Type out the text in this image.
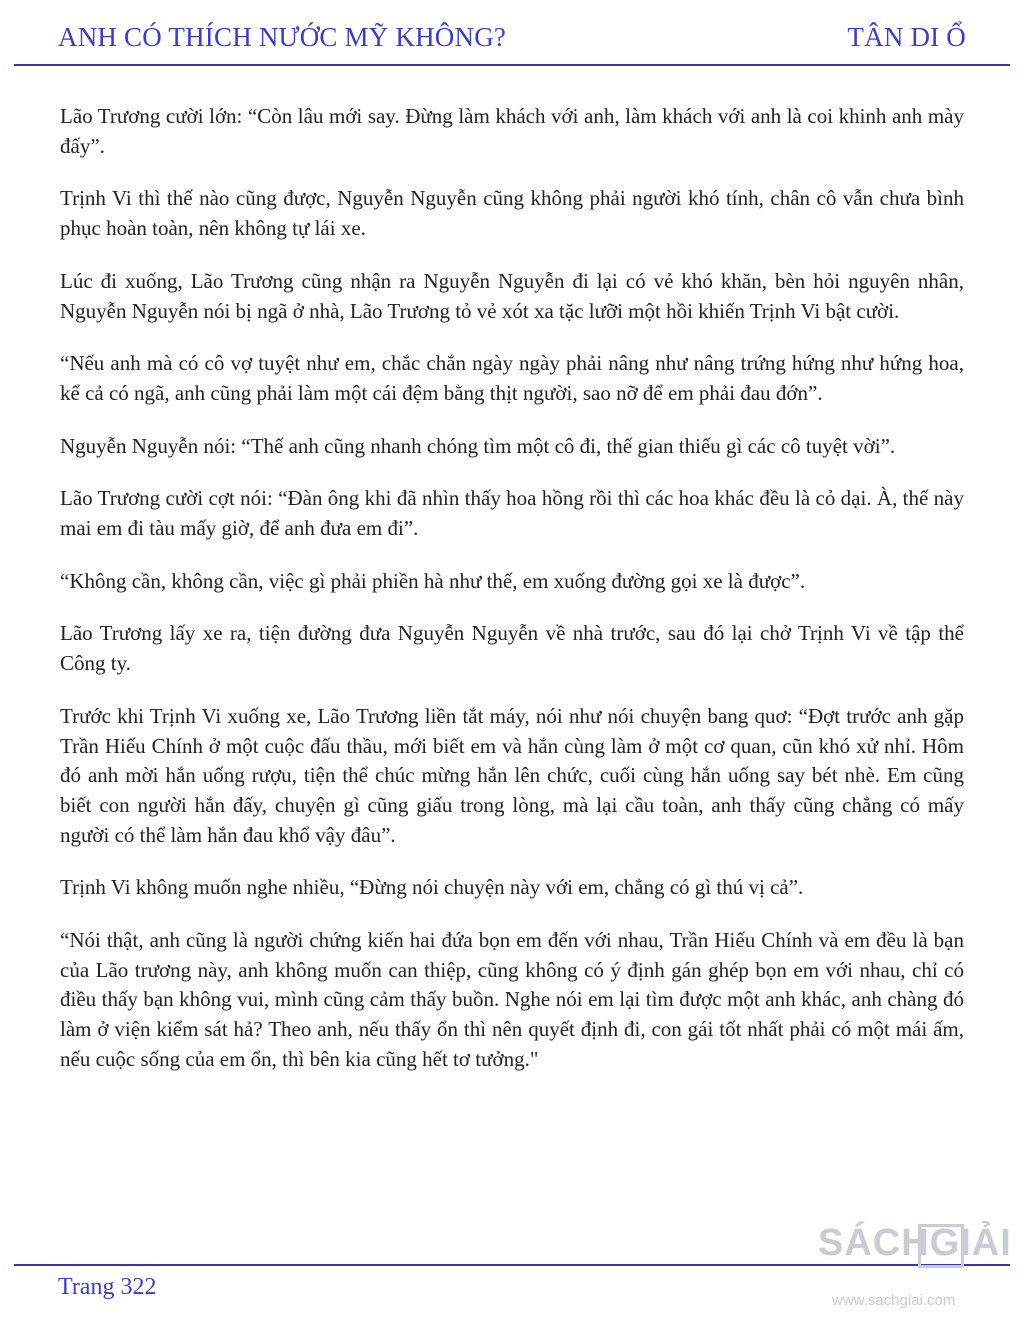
ANH CÓ THÍCH NƯỚC MỸ KHÔNG?	TÂN DI Ổ

Lão Trương cười lớn: “Còn lâu mới say. Đừng làm khách với anh, làm khách với anh là coi khinh anh mày đấy”.

Trịnh Vi thì thế nào cũng được, Nguyễn Nguyễn cũng không phải người khó tính, chân cô vẫn chưa bình phục hoàn toàn, nên không tự lái xe.

Lúc đi xuống, Lão Trương cũng nhận ra Nguyễn Nguyễn đi lại có vẻ khó khăn, bèn hỏi nguyên nhân, Nguyễn Nguyễn nói bị ngã ở nhà, Lão Trương tỏ vẻ xót xa tặc lưỡi một hồi khiến Trịnh Vi bật cười.

“Nếu anh mà có cô vợ tuyệt như em, chắc chắn ngày ngày phải nâng như nâng trứng hứng như hứng hoa, kể cả có ngã, anh cũng phải làm một cái đệm bằng thịt người, sao nỡ để em phải đau đớn”.

Nguyễn Nguyễn nói: “Thế anh cũng nhanh chóng tìm một cô đi, thế gian thiếu gì các cô tuyệt vời”.

Lão Trương cười cợt nói: “Đàn ông khi đã nhìn thấy hoa hồng rồi thì các hoa khác đều là cỏ dại. À, thế này mai em đi tàu mấy giờ, để anh đưa em đi”.

“Không cần, không cần, việc gì phải phiền hà như thế, em xuống đường gọi xe là được”.

Lão Trương lấy xe ra, tiện đường đưa Nguyễn Nguyễn về nhà trước, sau đó lại chở Trịnh Vi về tập thể Công ty.

Trước khi Trịnh Vi xuống xe, Lão Trương liền tắt máy, nói như nói chuyện bang quơ: “Đợt trước anh gặp Trần Hiếu Chính ở một cuộc đấu thầu, mới biết em và hắn cùng làm ở một cơ quan, cũn khó xử nhỉ. Hôm đó anh mời hắn uống rượu, tiện thể chúc mừng hắn lên chức, cuối cùng hắn uống say bét nhè. Em cũng biết con người hắn đấy, chuyện gì cũng giấu trong lòng, mà lại cầu toàn, anh thấy cũng chẳng có mấy người có thể làm hắn đau khổ vậy đâu”.

Trịnh Vi không muốn nghe nhiều, “Đừng nói chuyện này với em, chẳng có gì thú vị cả”.

“Nói thật, anh cũng là người chứng kiến hai đứa bọn em đến với nhau, Trần Hiếu Chính và em đều là bạn của Lão trương này, anh không muốn can thiệp, cũng không có ý định gán ghép bọn em với nhau, chỉ có điều thấy bạn không vui, mình cũng cảm thấy buồn. Nghe nói em lại tìm được một anh khác, anh chàng đó làm ở viện kiểm sát hả? Theo anh, nếu thấy ổn thì nên quyết định đi, con gái tốt nhất phải có một mái ấm, nếu cuộc sống của em ổn, thì bên kia cũng hết tơ tưởng."

Trang 322
SÁCHGIẢI
www.sachgiai.com
